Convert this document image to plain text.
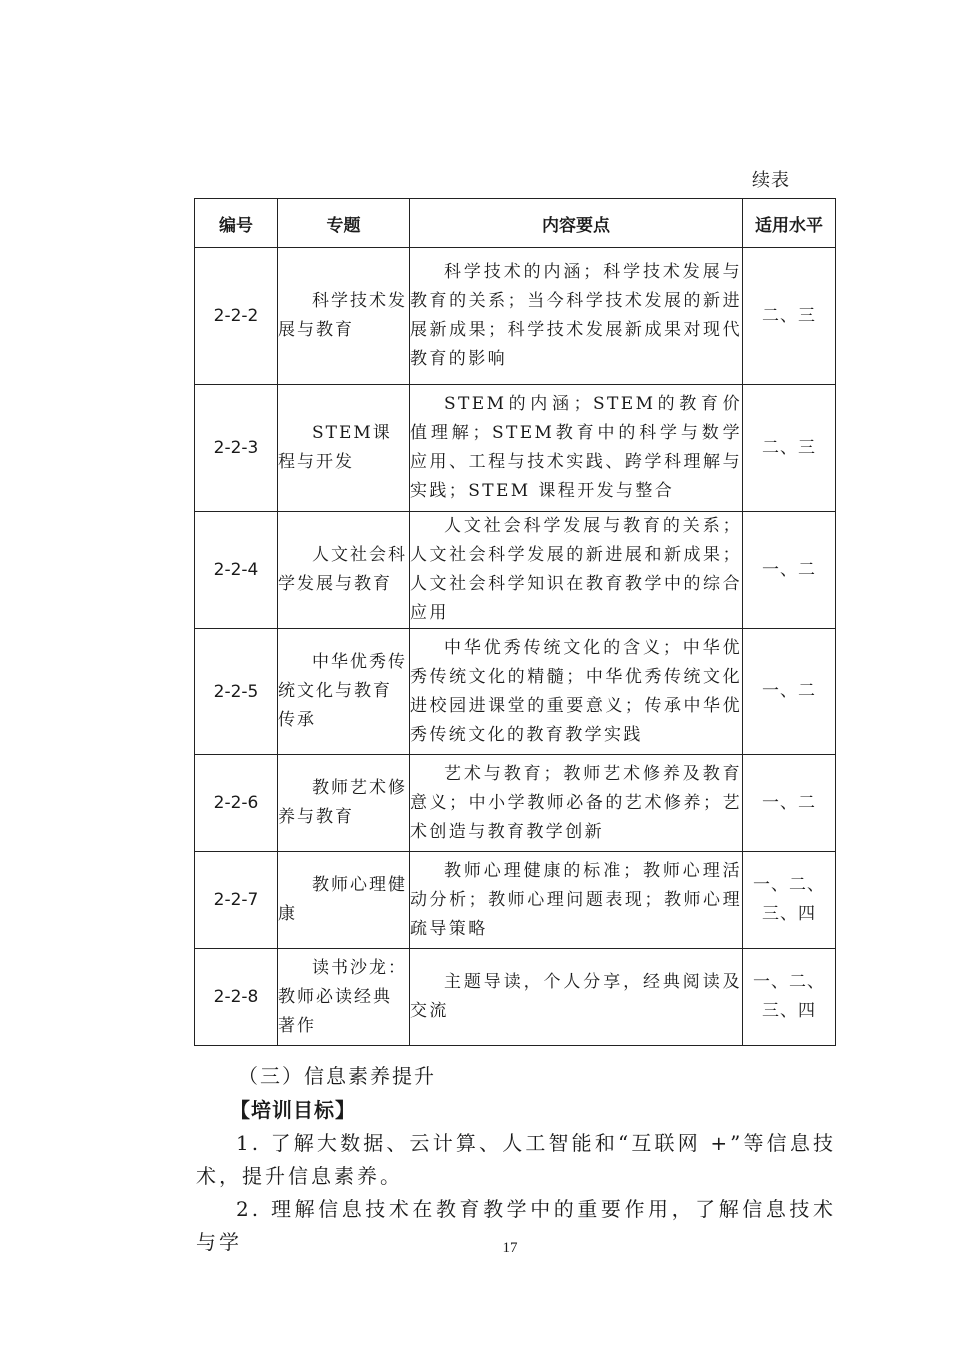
续表
编号	专题	内容要点	适用水平
2-2-2	科学技术发展与教育	科学技术的内涵；科学技术发展与教育的关系；当今科学技术发展的新进展新成果；科学技术发展新成果对现代教育的影响	二、三
2-2-3	STEM课程与开发	STEM的内涵；STEM的教育价值理解；STEM教育中的科学与数学应用、工程与技术实践、跨学科理解与实践；STEM 课程开发与整合	二、三
2-2-4	人文社会科学发展与教育	人文社会科学发展与教育的关系；人文社会科学发展的新进展和新成果；人文社会科学知识在教育教学中的综合应用	一、二
2-2-5	中华优秀传统文化与教育传承	中华优秀传统文化的含义；中华优秀传统文化的精髓；中华优秀传统文化进校园进课堂的重要意义；传承中华优秀传统文化的教育教学实践	一、二
2-2-6	教师艺术修养与教育	艺术与教育；教师艺术修养及教育意义；中小学教师必备的艺术修养；艺术创造与教育教学创新	一、二
2-2-7	教师心理健康	教师心理健康的标准；教师心理活动分析；教师心理问题表现；教师心理疏导策略	一、二、三、四
2-2-8	读书沙龙：教师必读经典著作	主题导读，个人分享，经典阅读及交流	一、二、三、四
（三）信息素养提升
【培训目标】
1. 了解大数据、云计算、人工智能和“互联网 +”等信息技术，提升信息素养。
2. 理解信息技术在教育教学中的重要作用，了解信息技术与学	17
